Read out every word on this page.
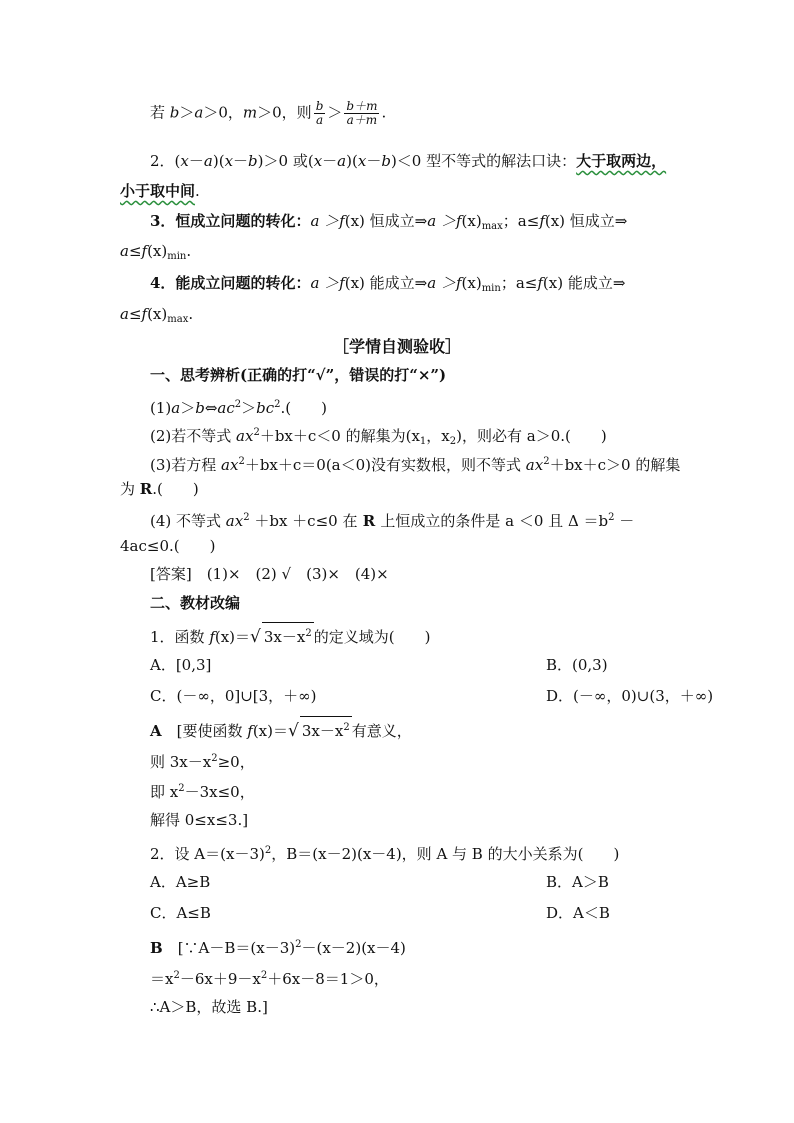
若 b＞a＞0，m＞0，则 $\frac{b}{a} > \frac{b+m}{a+m}$ .
2．(x－a)(x－b)＞0 或(x－a)(x－b)＜0 型不等式的解法口诀：大于取两边，
小于取中间.
3．恒成立问题的转化：a ＞f(x) 恒成立⇒a $>f(x)_{max}$；a≤f(x) 恒成立⇒
$a\le f(x)_{min}$.
4．能成立问题的转化：a ＞f(x) 能成立⇒a $>f(x)_{min}$；a≤f(x) 能成立⇒
$a\le f(x)_{max}$.
［学情自测验收］
一、思考辨析(正确的打“√”，错误的打“×”)
$(1)a>b\Leftrightarrow ac^2>bc^2$.(　　)
(2)若不等式 $ax^2+bx+c<0$ 的解集为($x_1$，$x_2$)，则必有 a＞0.(　　)
(3)若方程 $ax^2+bx+c=0(a<0)$没有实数根，则不等式 $ax^2+bx+c>0$ 的解集
为 R.(　　)
(4) 不等式 $ax^2 +bx +c\le 0$ 在 R 上恒成立的条件是 a ＜0 且 $\Delta =b^2$ －
4ac≤0.(　　)
[答案]　(1)×　(2) √　(3)×　(4)×
二、教材改编
1．函数 f(x)＝√ $3x-x^2$ 的定义域为(　　)
A．[0,3]	B．(0,3)
C．(－∞，0]∪[3，＋∞)	D．(－∞，0)∪(3，＋∞)
A　[要使函数 f(x)＝√ $3x-x^2$ 有意义，
则 $3x-x^2\ge 0$，
即 $x^2-3x\le 0$，
解得 0≤x≤3.]
2．设 $A=(x-3)^2$，B＝(x－2)(x－4)，则 A 与 B 的大小关系为(　　)
A．A≥B	B．A＞B
C．A≤B	D．A＜B
B　[$\because A-B=(x-3)^2-(x-2)(x-4)$
$=x^2-6x+9-x^2+6x-8=1>0$，
∴A＞B，故选 B.]
